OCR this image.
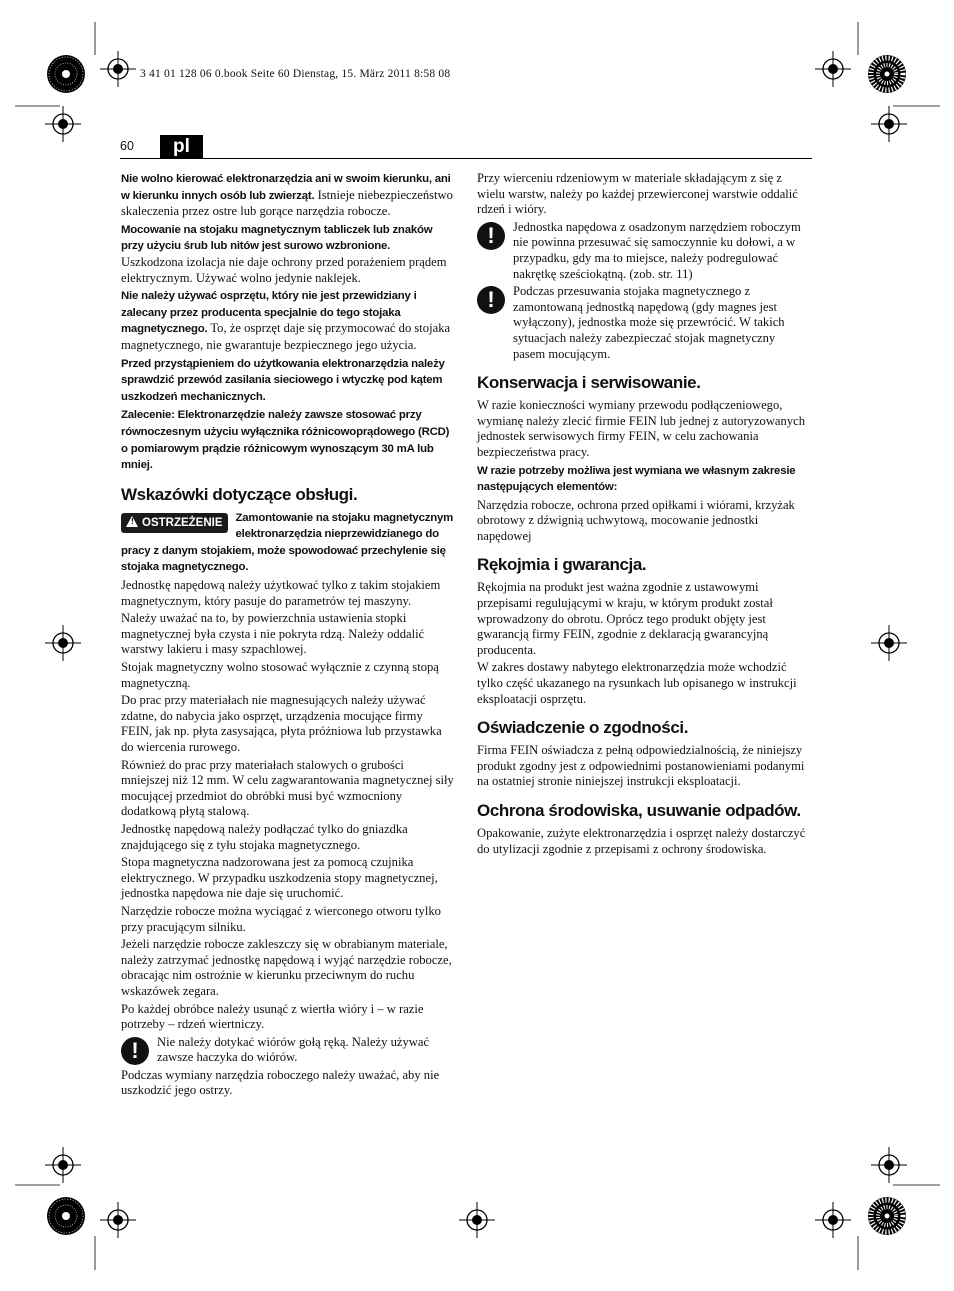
3 41 01 128 06 0.book Seite 60 Dienstag, 15. März 2011 8:58 08
60	pl

Nie wolno kierować elektronarzędzia ani w swoim kierunku, ani w kierunku innych osób lub zwierząt. Istnieje niebezpieczeństwo skaleczenia przez ostre lub gorące narzędzia robocze.

Mocowanie na stojaku magnetycznym tabliczek lub znaków przy użyciu śrub lub nitów jest surowo wzbronione. Uszkodzona izolacja nie daje ochrony przed porażeniem prądem elektrycznym. Używać wolno jedynie naklejek.

Nie należy używać osprzętu, który nie jest przewidziany i zalecany przez producenta specjalnie do tego stojaka magnetycznego. To, że osprzęt daje się przymocować do stojaka magnetycznego, nie gwarantuje bezpiecznego jego użycia.

Przed przystąpieniem do użytkowania elektronarzędzia należy sprawdzić przewód zasilania sieciowego i wtyczkę pod kątem uszkodzeń mechanicznych.

Zalecenie: Elektronarzędzie należy zawsze stosować przy równoczesnym użyciu wyłącznika różnicowoprądowego (RCD) o pomiarowym prądzie różnicowym wynoszącym 30 mA lub mniej.

Wskazówki dotyczące obsługi.
! OSTRZEŻENIE	Zamontowanie na stojaku magnetycznym elektronarzędzia nieprzewidzianego do pracy z danym stojakiem, może spowodować przechylenie się stojaka magnetycznego.

Jednostkę napędową należy użytkować tylko z takim stojakiem magnetycznym, który pasuje do parametrów tej maszyny.

Należy uważać na to, by powierzchnia ustawienia stopki magnetycznej była czysta i nie pokryta rdzą. Należy oddalić warstwy lakieru i masy szpachlowej.

Stojak magnetyczny wolno stosować wyłącznie z czynną stopą magnetyczną.

Do prac przy materiałach nie magnesujących należy używać zdatne, do nabycia jako osprzęt, urządzenia mocujące firmy FEIN, jak np. płyta zasysająca, płyta próżniowa lub przystawka do wiercenia rurowego.

Również do prac przy materiałach stalowych o grubości mniejszej niż 12 mm. W celu zagwarantowania magnetycznej siły mocującej przedmiot do obróbki musi być wzmocniony dodatkową płytą stalową.

Jednostkę napędową należy podłączać tylko do gniazdka znajdującego się z tyłu stojaka magnetycznego.

Stopa magnetyczna nadzorowana jest za pomocą czujnika elektrycznego. W przypadku uszkodzenia stopy magnetycznej, jednostka napędowa nie daje się uruchomić.

Narzędzie robocze można wyciągać z wierconego otworu tylko przy pracującym silniku.

Jeżeli narzędzie robocze zakleszczy się w obrabianym materiale, należy zatrzymać jednostkę napędową i wyjąć narzędzie robocze, obracając nim ostrożnie w kierunku przeciwnym do ruchu wskazówek zegara.

Po każdej obróbce należy usunąć z wiertła wióry i – w razie potrzeby – rdzeń wiertniczy.

!	Nie należy dotykać wiórów gołą ręką. Należy używać zawsze haczyka do wiórów.

Podczas wymiany narzędzia roboczego należy uważać, aby nie uszkodzić jego ostrzy.

Przy wierceniu rdzeniowym w materiale składającym z się z wielu warstw, należy po każdej przewierconej warstwie oddalić rdzeń i wióry.

!	Jednostka napędowa z osadzonym narzędziem roboczym nie powinna przesuwać się samoczynnie ku dołowi, a w przypadku, gdy ma to miejsce, należy podregulować nakrętkę sześciokątną. (zob. str. 11)
!	Podczas przesuwania stojaka magnetycznego z zamontowaną jednostką napędową (gdy magnes jest wyłączony), jednostka może się przewrócić. W takich sytuacjach należy zabezpieczać stojak magnetyczny pasem mocującym.
Konserwacja i serwisowanie.

W razie konieczności wymiany przewodu podłączeniowego, wymianę należy zlecić firmie FEIN lub jednej z autoryzowanych jednostek serwisowych firmy FEIN, w celu zachowania bezpieczeństwa pracy.

W razie potrzeby możliwa jest wymiana we własnym zakresie następujących elementów:

Narzędzia robocze, ochrona przed opiłkami i wiórami, krzyżak obrotowy z dźwignią uchwytową, mocowanie jednostki napędowej

Rękojmia i gwarancja.

Rękojmia na produkt jest ważna zgodnie z ustawowymi przepisami regulującymi w kraju, w którym produkt został wprowadzony do obrotu. Oprócz tego produkt objęty jest gwarancją firmy FEIN, zgodnie z deklaracją gwarancyjną producenta.

W zakres dostawy nabytego elektronarzędzia może wchodzić tylko część ukazanego na rysunkach lub opisanego w instrukcji eksploatacji osprzętu.

Oświadczenie o zgodności.

Firma FEIN oświadcza z pełną odpowiedzialnością, że niniejszy produkt zgodny jest z odpowiednimi postanowieniami podanymi na ostatniej stronie niniejszej instrukcji eksploatacji.

Ochrona środowiska, usuwanie odpadów.

Opakowanie, zużyte elektronarzędzia i osprzęt należy dostarczyć do utylizacji zgodnie z przepisami z ochrony środowiska.
